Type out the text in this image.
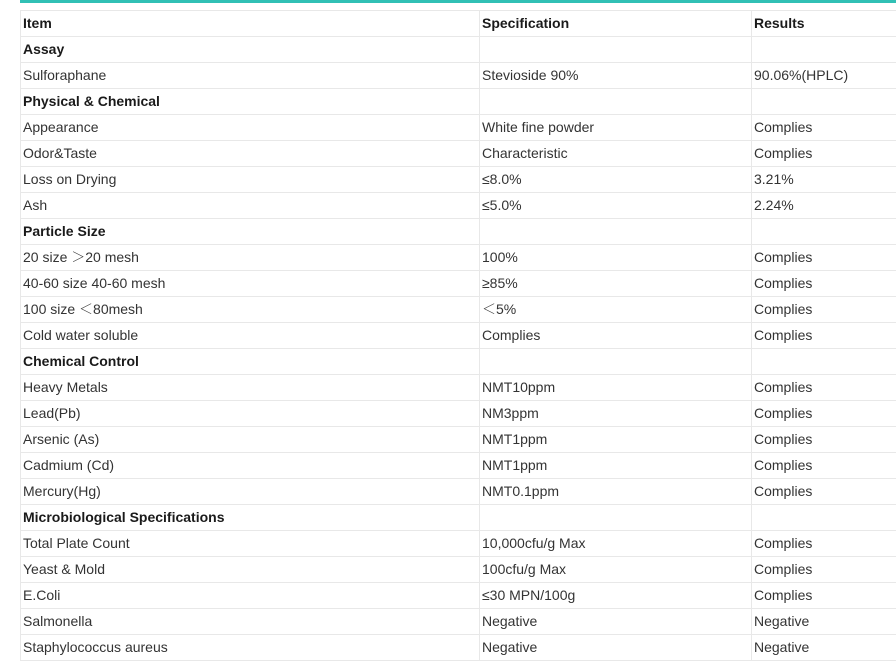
Item	Specification	Results
Assay		
Sulforaphane	Stevioside 90%	90.06%(HPLC)
Physical & Chemical		
Appearance	White fine powder	Complies
Odor&Taste	Characteristic	Complies
Loss on Drying	≤8.0%	3.21%
Ash	≤5.0%	2.24%
Particle Size		
20 size ＞20 mesh	100%	Complies
40-60 size 40-60 mesh	≥85%	Complies
100 size ＜80mesh	＜5%	Complies
Cold water soluble	Complies	Complies
Chemical Control		
Heavy Metals	NMT10ppm	Complies
Lead(Pb)	NM3ppm	Complies
Arsenic (As)	NMT1ppm	Complies
Cadmium (Cd)	NMT1ppm	Complies
Mercury(Hg)	NMT0.1ppm	Complies
Microbiological Specifications		
Total Plate Count	10,000cfu/g Max	Complies
Yeast & Mold	100cfu/g Max	Complies
E.Coli	≤30 MPN/100g	Complies
Salmonella	Negative	Negative
Staphylococcus aureus	Negative	Negative
